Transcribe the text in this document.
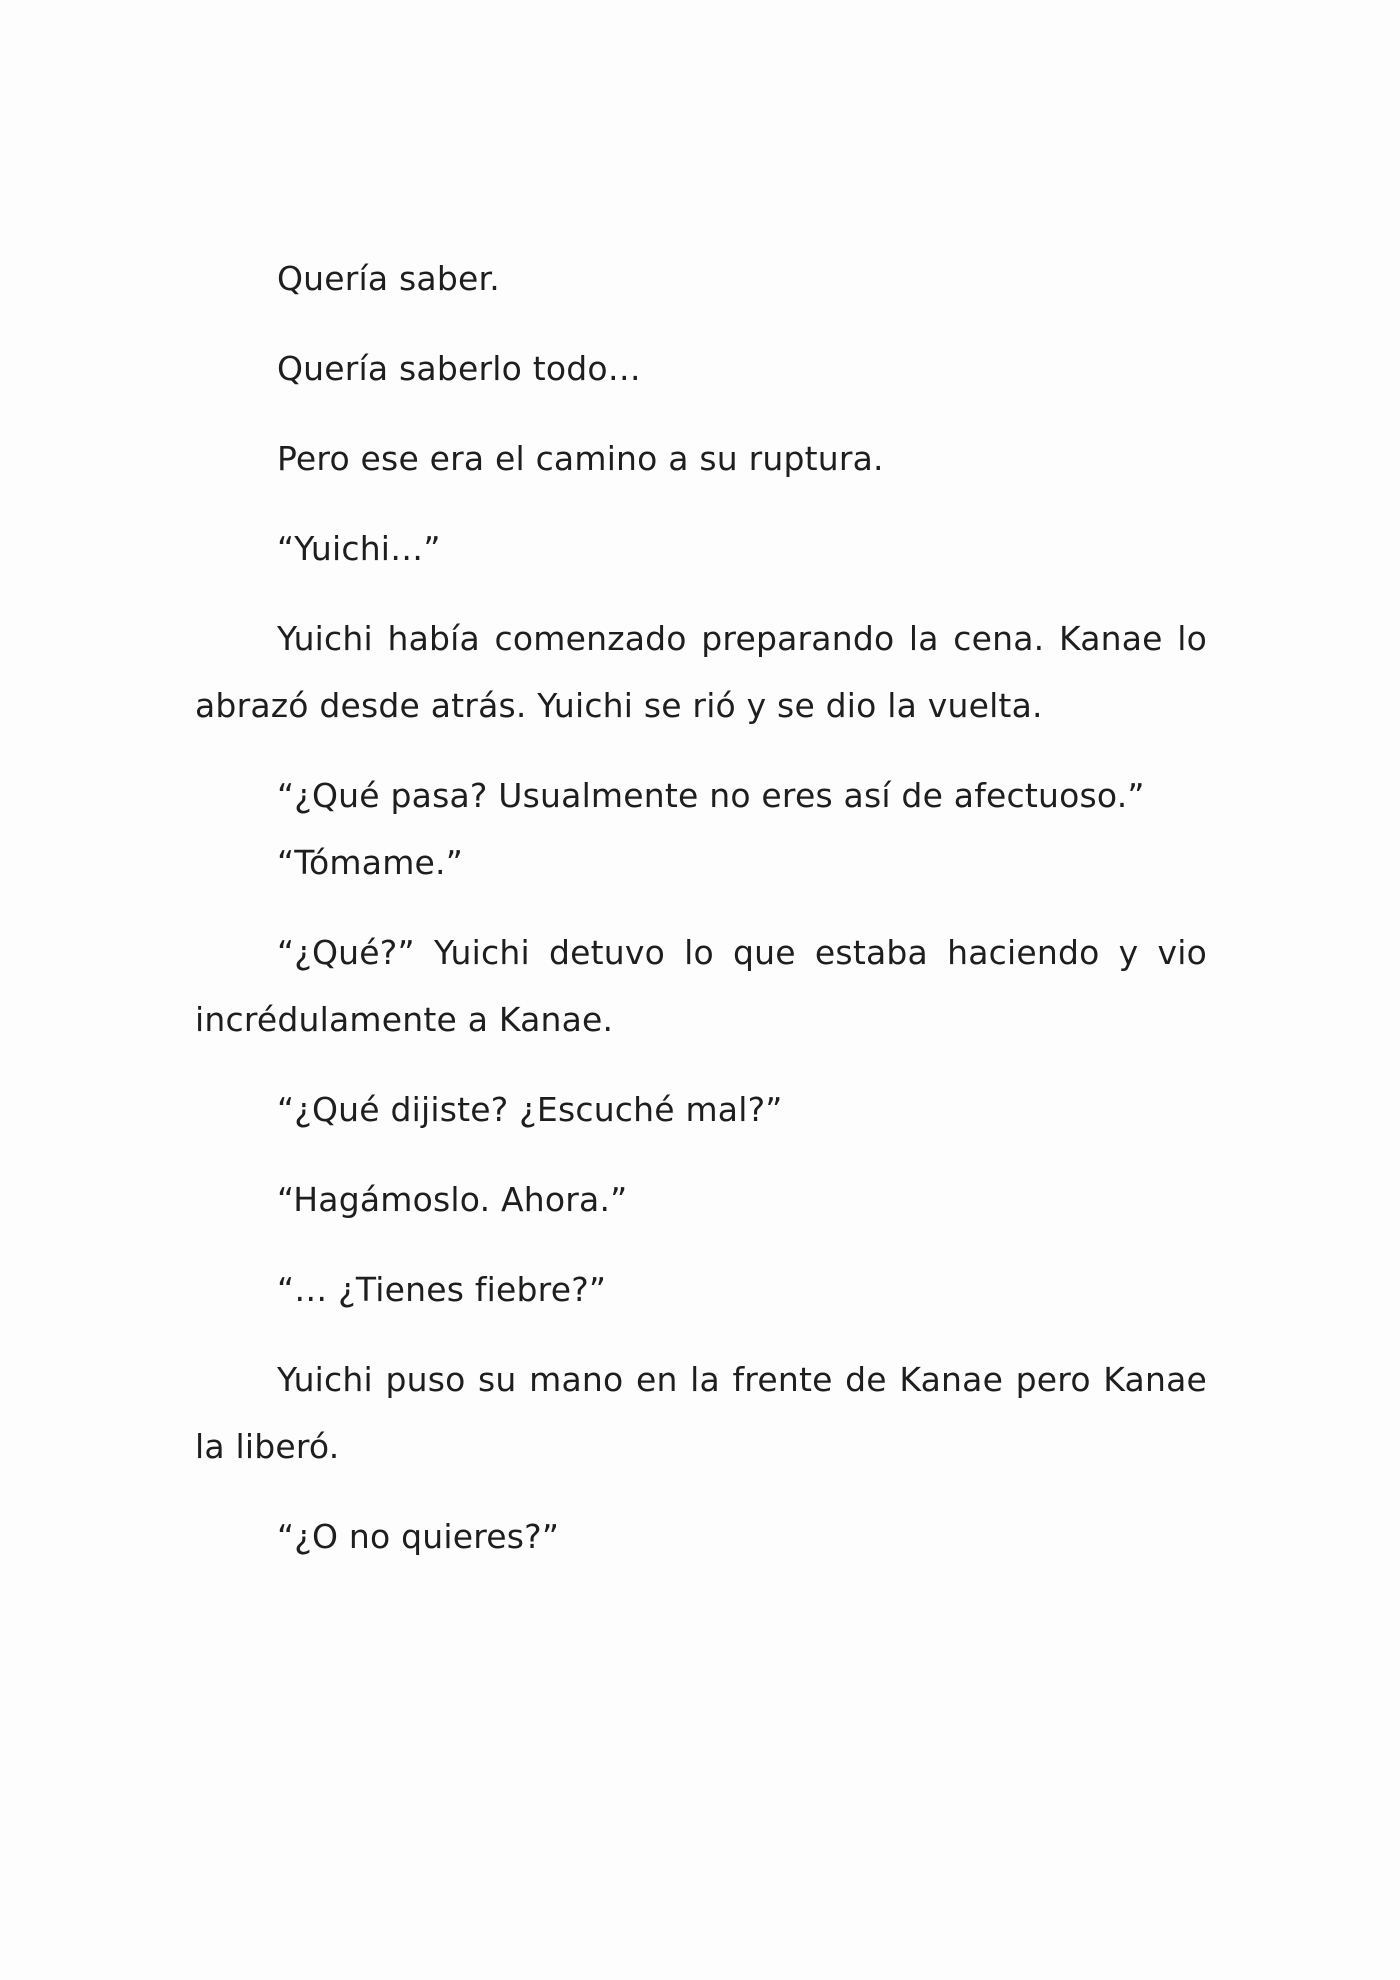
Quería saber.

Quería saberlo todo…

Pero ese era el camino a su ruptura.

“Yuichi…”

Yuichi había comenzado preparando la cena. Kanae lo abrazó desde atrás. Yuichi se rió y se dio la vuelta.

“¿Qué pasa? Usualmente no eres así de afectuoso.”

“Tómame.”

“¿Qué?” Yuichi detuvo lo que estaba haciendo y vio incrédulamente a Kanae.

“¿Qué dijiste? ¿Escuché mal?”

“Hagámoslo. Ahora.”

“… ¿Tienes fiebre?”

Yuichi puso su mano en la frente de Kanae pero Kanae la liberó.

“¿O no quieres?”
